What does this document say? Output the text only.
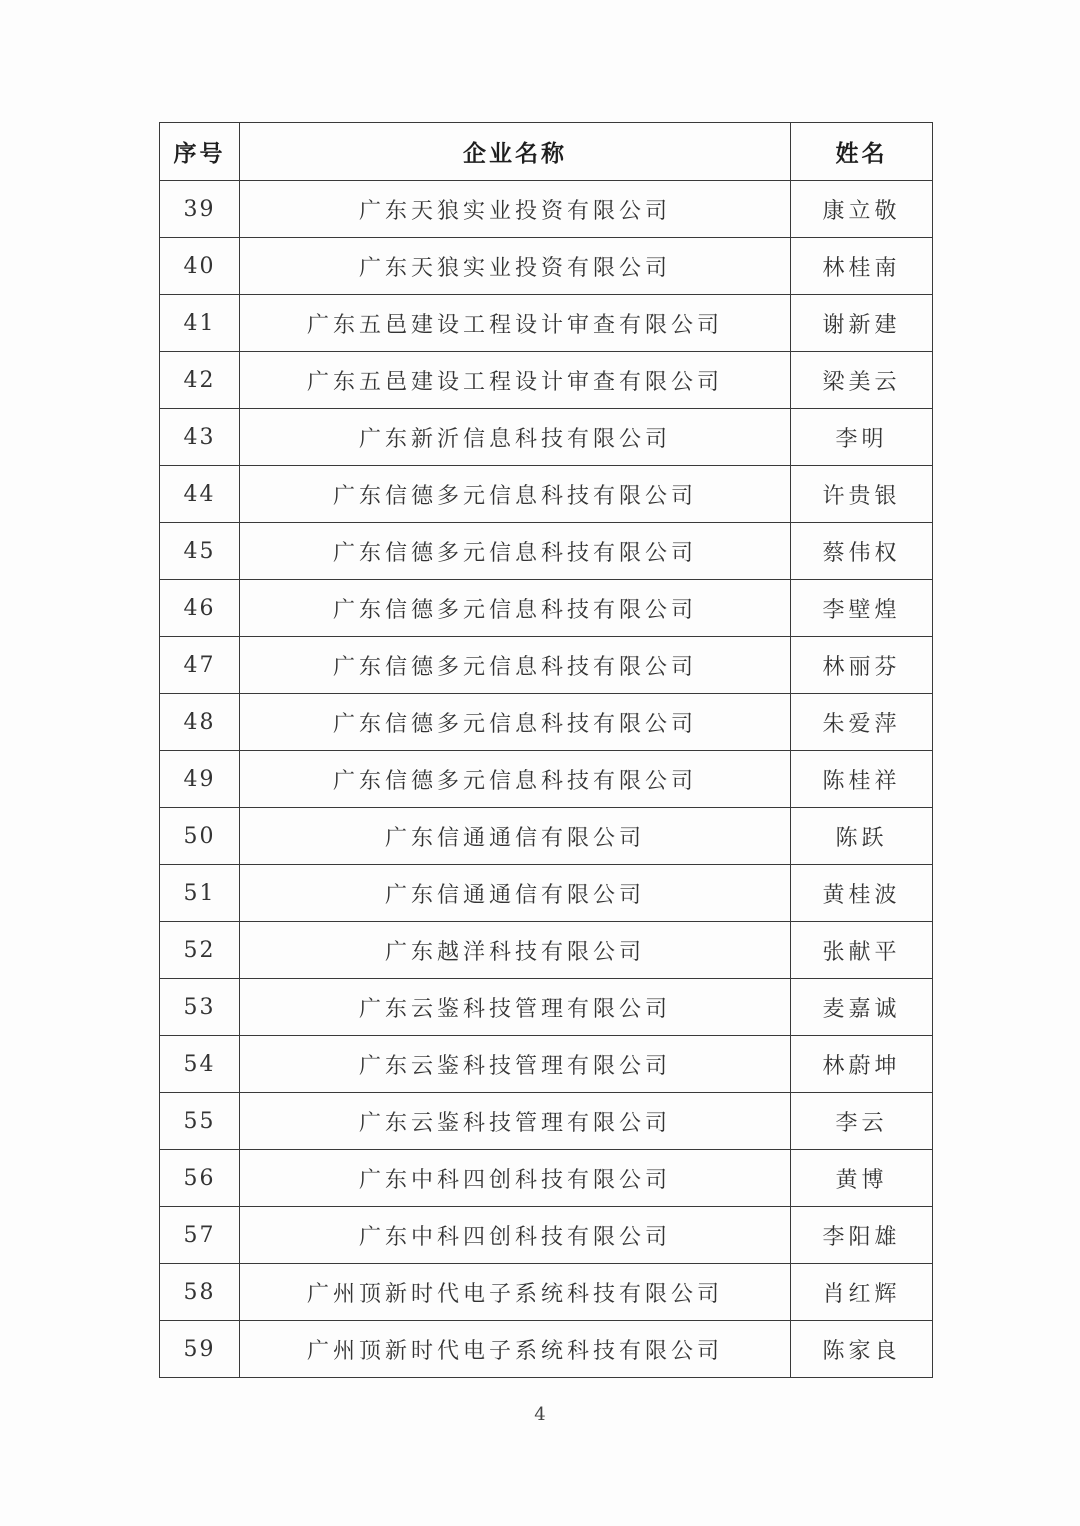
序号	企业名称	姓名
39	广东天狼实业投资有限公司	康立敬
40	广东天狼实业投资有限公司	林桂南
41	广东五邑建设工程设计审查有限公司	谢新建
42	广东五邑建设工程设计审查有限公司	梁美云
43	广东新沂信息科技有限公司	李明
44	广东信德多元信息科技有限公司	许贵银
45	广东信德多元信息科技有限公司	蔡伟权
46	广东信德多元信息科技有限公司	李壁煌
47	广东信德多元信息科技有限公司	林丽芬
48	广东信德多元信息科技有限公司	朱爱萍
49	广东信德多元信息科技有限公司	陈桂祥
50	广东信通通信有限公司	陈跃
51	广东信通通信有限公司	黄桂波
52	广东越洋科技有限公司	张献平
53	广东云鉴科技管理有限公司	麦嘉诚
54	广东云鉴科技管理有限公司	林蔚坤
55	广东云鉴科技管理有限公司	李云
56	广东中科四创科技有限公司	黄博
57	广东中科四创科技有限公司	李阳雄
58	广州顶新时代电子系统科技有限公司	肖红辉
59	广州顶新时代电子系统科技有限公司	陈家良
4
